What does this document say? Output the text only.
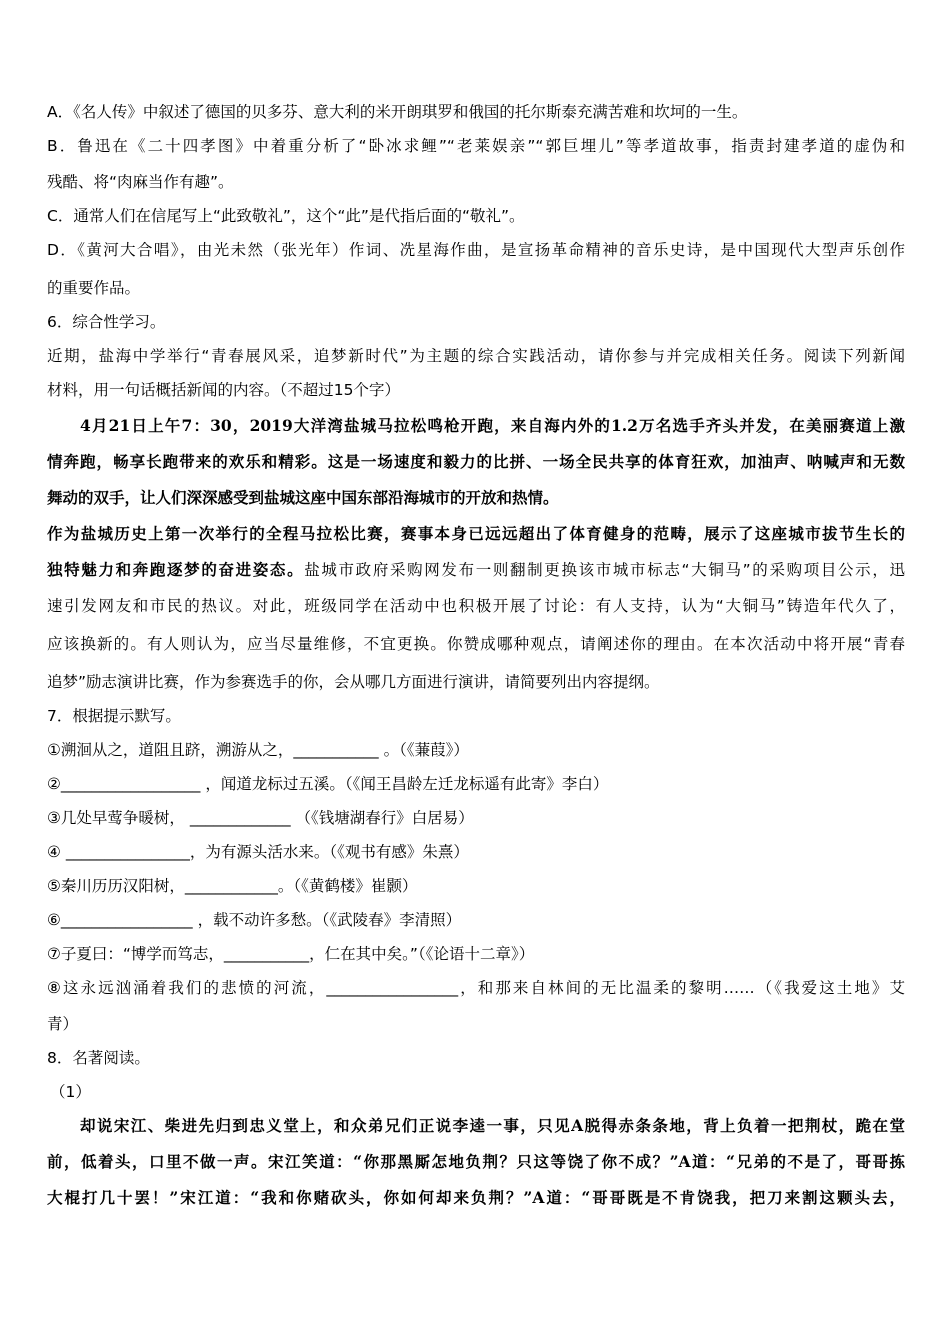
A．《名人传》中叙述了德国的贝多芬、意大利的米开朗琪罗和俄国的托尔斯泰充满苦难和坎坷的一生。
B．鲁迅在《二十四孝图》中着重分析了“卧冰求鲤”“老莱娱亲”“郭巨埋儿”等孝道故事，指责封建孝道的虚伪和
残酷、将“肉麻当作有趣”。
C．通常人们在信尾写上“此致敬礼”，这个“此”是代指后面的“敬礼”。
D．《黄河大合唱》，由光未然（张光年）作词、冼星海作曲，是宣扬革命精神的音乐史诗，是中国现代大型声乐创作
的重要作品。
6．综合性学习。
近期，盐海中学举行“青春展风采，追梦新时代”为主题的综合实践活动，请你参与并完成相关任务。阅读下列新闻
材料，用一句话概括新闻的内容。（不超过15个字）
4月21日上午7：30，2019大洋湾盐城马拉松鸣枪开跑，来自海内外的1.2万名选手齐头并发，在美丽赛道上激
情奔跑，畅享长跑带来的欢乐和精彩。这是一场速度和毅力的比拼、一场全民共享的体育狂欢，加油声、呐喊声和无数
舞动的双手，让人们深深感受到盐城这座中国东部沿海城市的开放和热情。
作为盐城历史上第一次举行的全程马拉松比赛，赛事本身已远远超出了体育健身的范畴，展示了这座城市拔节生长的
独特魅力和奔跑逐梦的奋进姿态。盐城市政府采购网发布一则翻制更换该市城市标志“大铜马”的采购项目公示，迅
速引发网友和市民的热议。对此，班级同学在活动中也积极开展了讨论：有人支持，认为“大铜马”铸造年代久了，
应该换新的。有人则认为，应当尽量维修，不宜更换。你赞成哪种观点，请阐述你的理由。在本次活动中将开展“青春
追梦”励志演讲比赛，作为参赛选手的你，会从哪几方面进行演讲，请简要列出内容提纲。
7．根据提示默写。
①溯洄从之，道阻且跻，溯游从之，___________ 。（《蒹葭》）
②__________________ ，闻道龙标过五溪。（《闻王昌龄左迁龙标遥有此寄》李白）
③几处早莺争暖树， _____________ （《钱塘湖春行》白居易）
④ ________________，为有源头活水来。（《观书有感》朱熹）
⑤秦川历历汉阳树，____________。（《黄鹤楼》崔颢）
⑥_________________ ，载不动许多愁。（《武陵春》李清照）
⑦子夏曰：“博学而笃志，___________，仁在其中矣。”（《论语十二章》）
⑧这永远汹涌着我们的悲愤的河流，_________________，和那来自林间的无比温柔的黎明……（《我爱这土地》艾
青）
8．名著阅读。
（1）
却说宋江、柴进先归到忠义堂上，和众弟兄们正说李逵一事，只见A脱得赤条条地，背上负着一把荆杖，跪在堂
前，低着头，口里不做一声。宋江笑道：“你那黑厮怎地负荆？只这等饶了你不成？”A道：“兄弟的不是了，哥哥拣
大棍打几十罢！”宋江道：“我和你赌砍头，你如何却来负荆？”A道：“哥哥既是不肯饶我，把刀来割这颗头去，
